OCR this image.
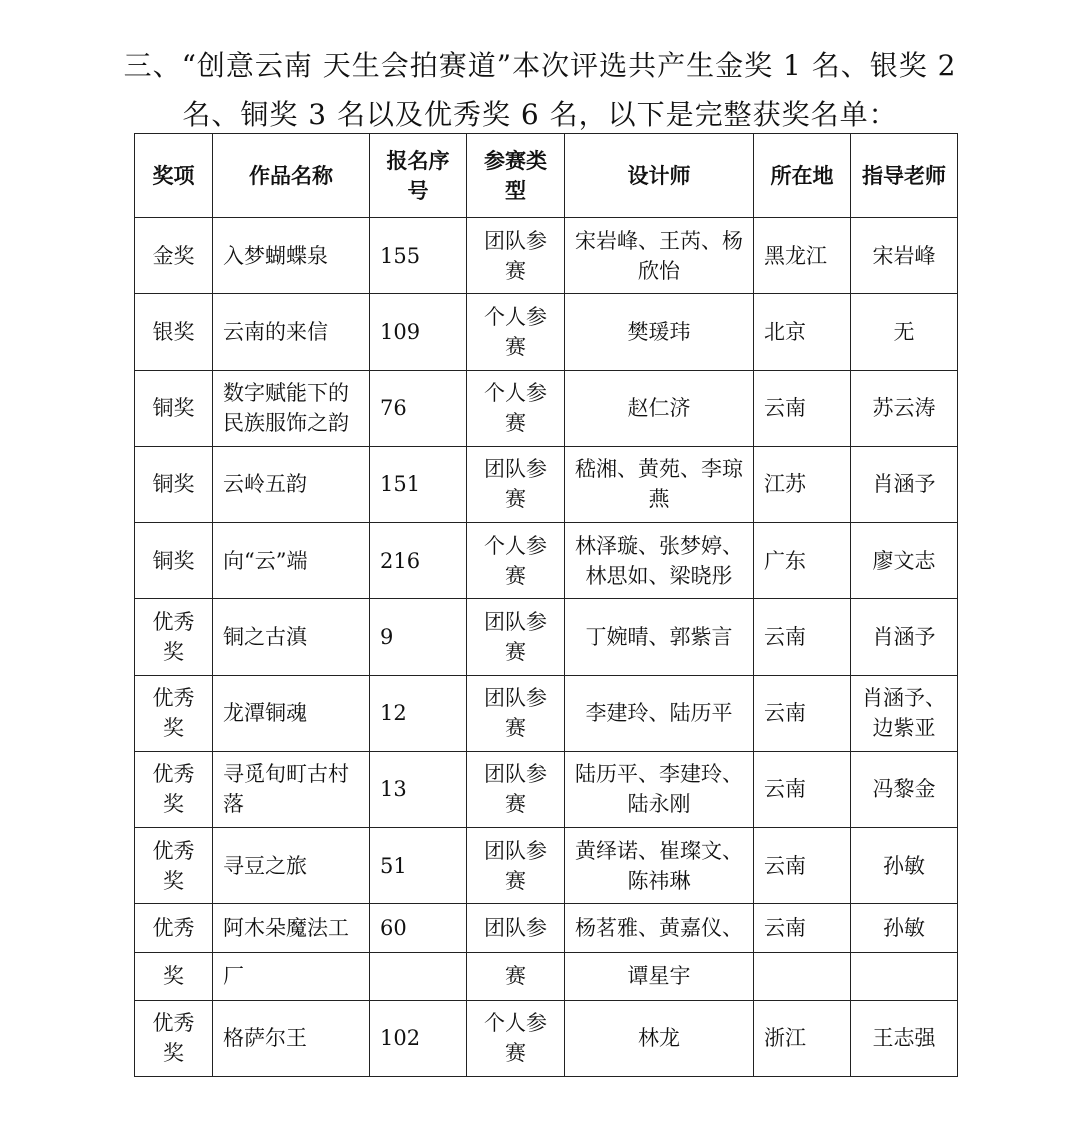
三、“创意云南 天生会拍赛道”本次评选共产生金奖 1 名、银奖 2
名、铜奖 3 名以及优秀奖 6 名，以下是完整获奖名单：
奖项	作品名称	报名序号	参赛类型	设计师	所在地	指导老师
金奖	入梦蝴蝶泉	155	团队参赛	宋岩峰、王芮、杨欣怡	黑龙江	宋岩峰
银奖	云南的来信	109	个人参赛	樊瑗玮	北京	无
铜奖	数字赋能下的民族服饰之韵	76	个人参赛	赵仁济	云南	苏云涛
铜奖	云岭五韵	151	团队参赛	嵇湘、黄苑、李琼燕	江苏	肖涵予
铜奖	向“云”端	216	个人参赛	林泽璇、张梦婷、林思如、梁晓彤	广东	廖文志
优秀奖	铜之古滇	9	团队参赛	丁婉晴、郭紫言	云南	肖涵予
优秀奖	龙潭铜魂	12	团队参赛	李建玲、陆历平	云南	肖涵予、边紫亚
优秀奖	寻觅旬町古村落	13	团队参赛	陆历平、李建玲、陆永刚	云南	冯黎金
优秀奖	寻豆之旅	51	团队参赛	黄绎诺、崔璨文、陈祎琳	云南	孙敏
优秀	阿木朵魔法工	60	团队参	杨茗雅、黄嘉仪、	云南	孙敏
奖	厂		赛	谭星宇		
优秀奖	格萨尔王	102	个人参赛	林龙	浙江	王志强
